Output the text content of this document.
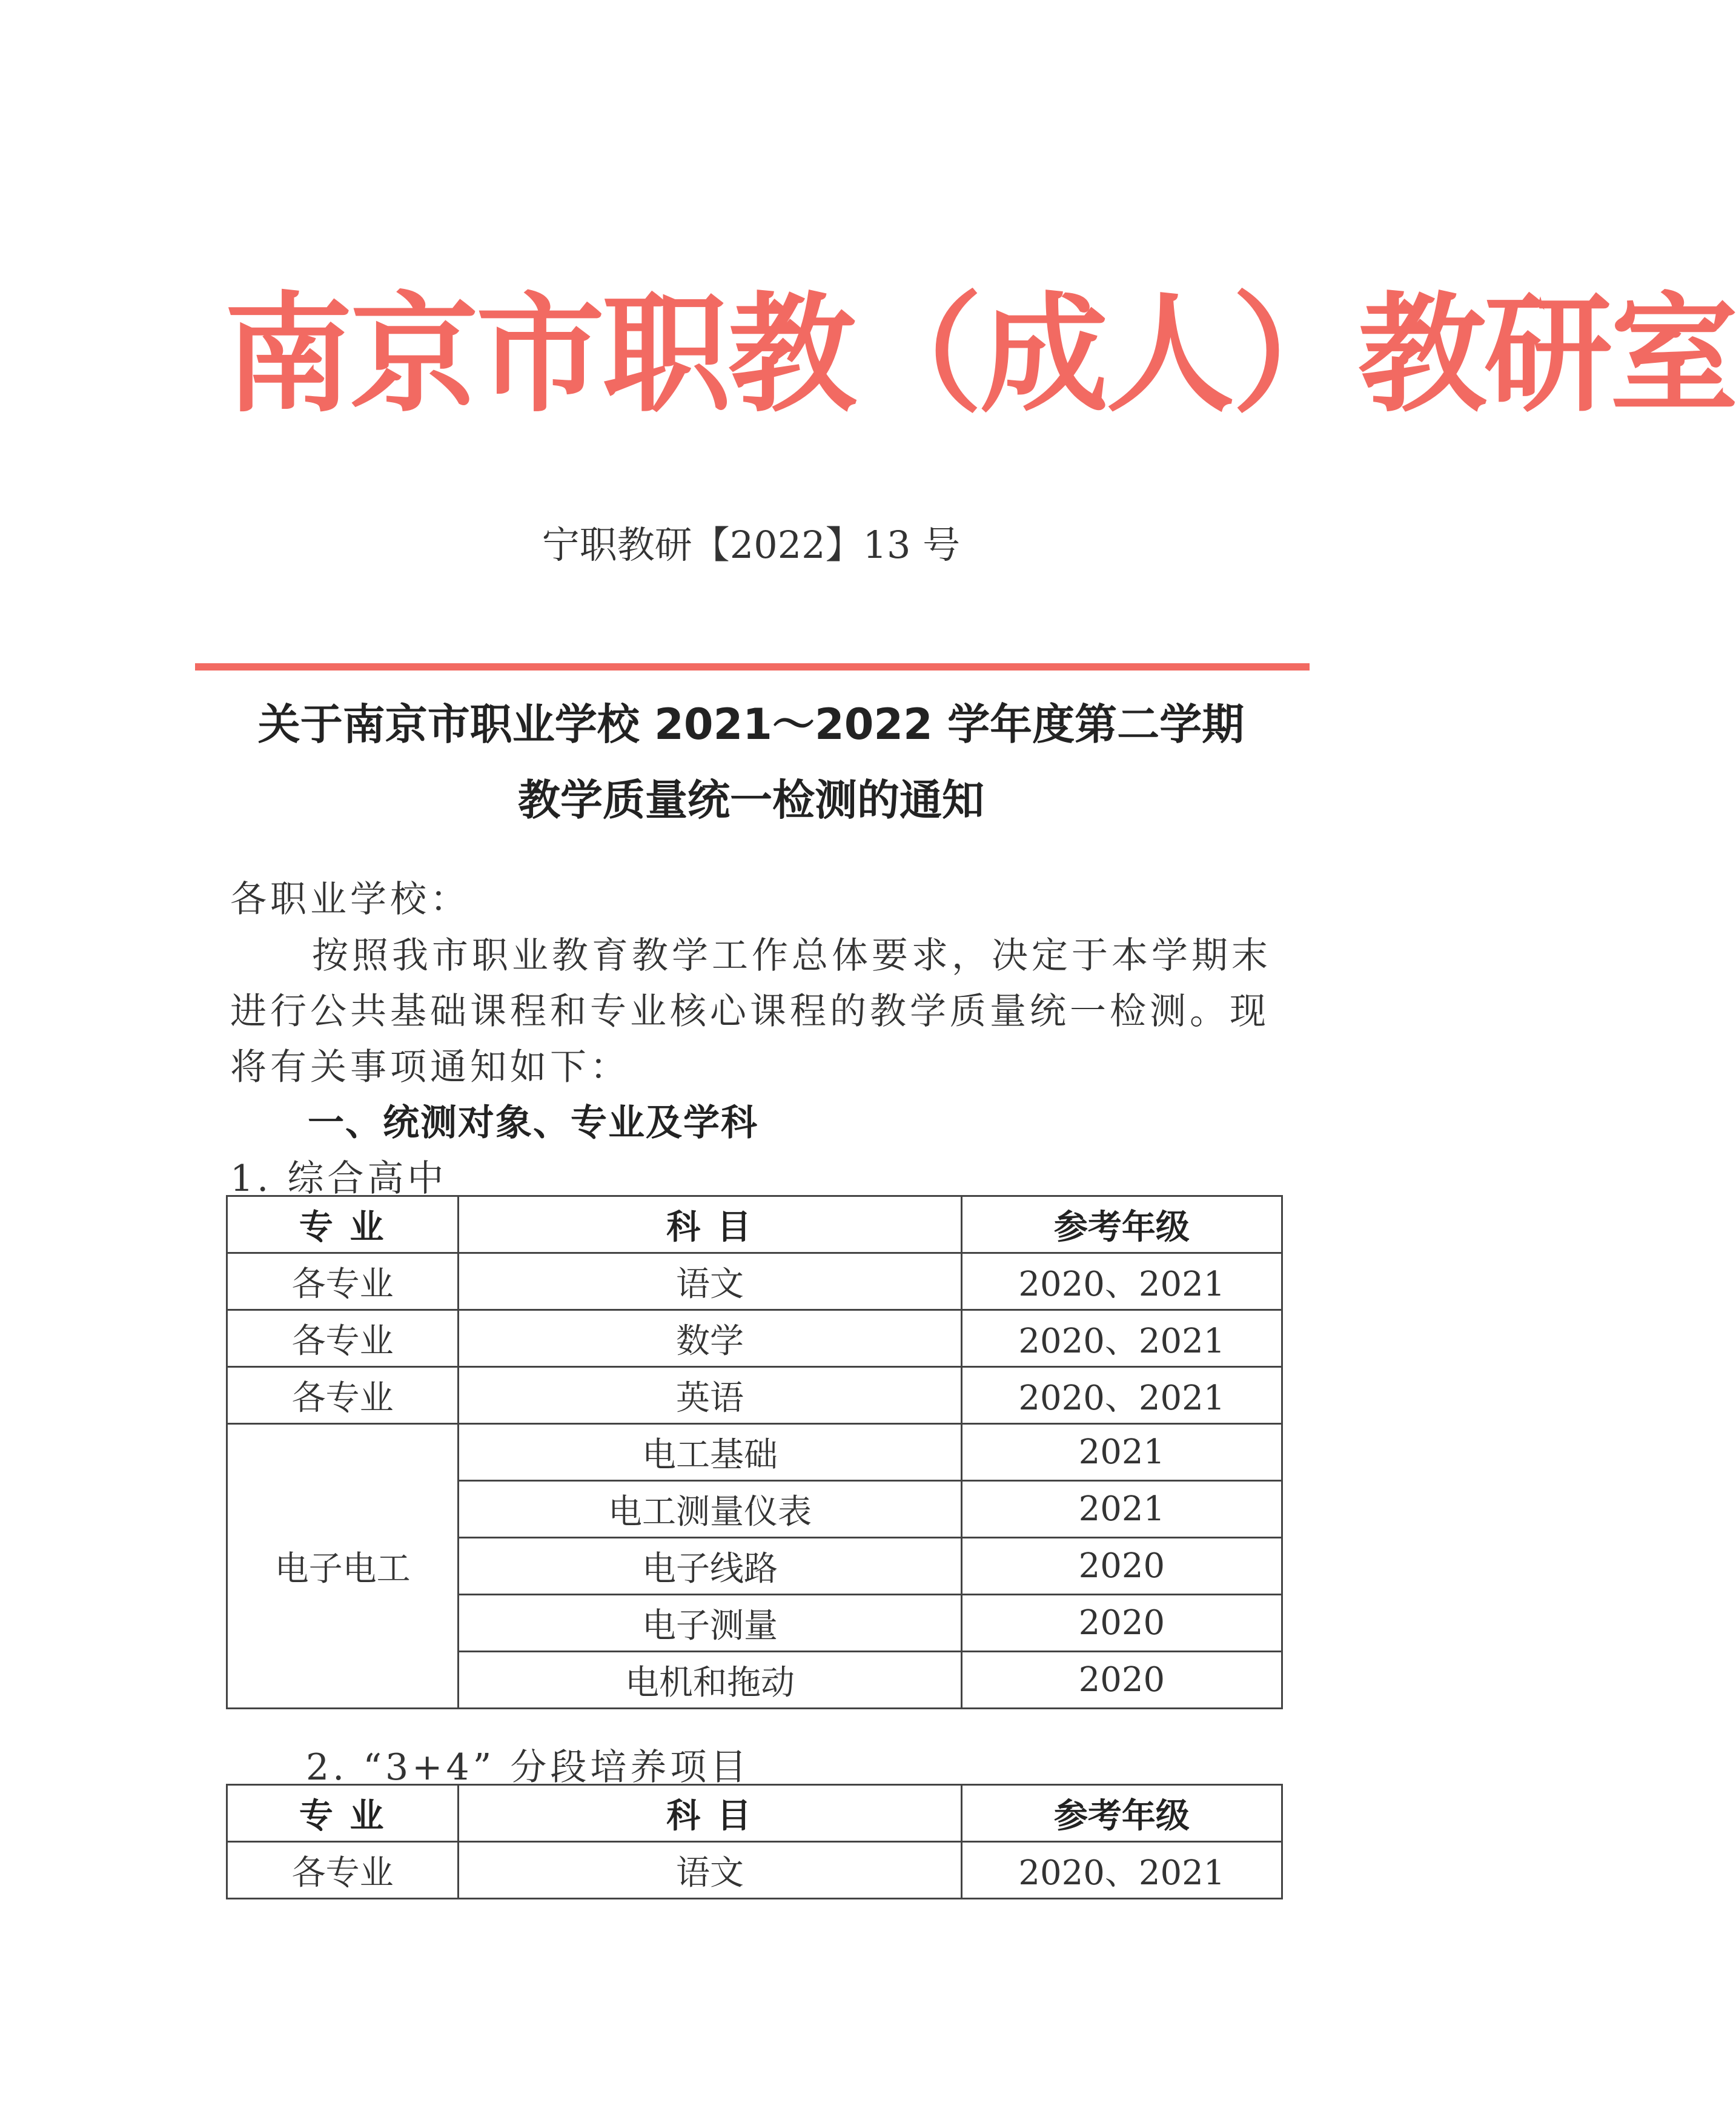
南京市职教（成人）教研室
宁职教研【2022】13 号
关于南京市职业学校 2021～2022 学年度第二学期
教学质量统一检测的通知
各职业学校：
按照我市职业教育教学工作总体要求，决定于本学期末
进行公共基础课程和专业核心课程的教学质量统一检测。现
将有关事项通知如下：
一、统测对象、专业及学科
1. 综合高中
专 业	科 目	参考年级
各专业	语文	2020、2021
各专业	数学	2020、2021
各专业	英语	2020、2021
电子电工	电工基础	2021
	电工测量仪表	2021
	电子线路	2020
	电子测量	2020
	电机和拖动	2020
2. “3+4” 分段培养项目
专 业	科 目	参考年级
各专业	语文	2020、2021
